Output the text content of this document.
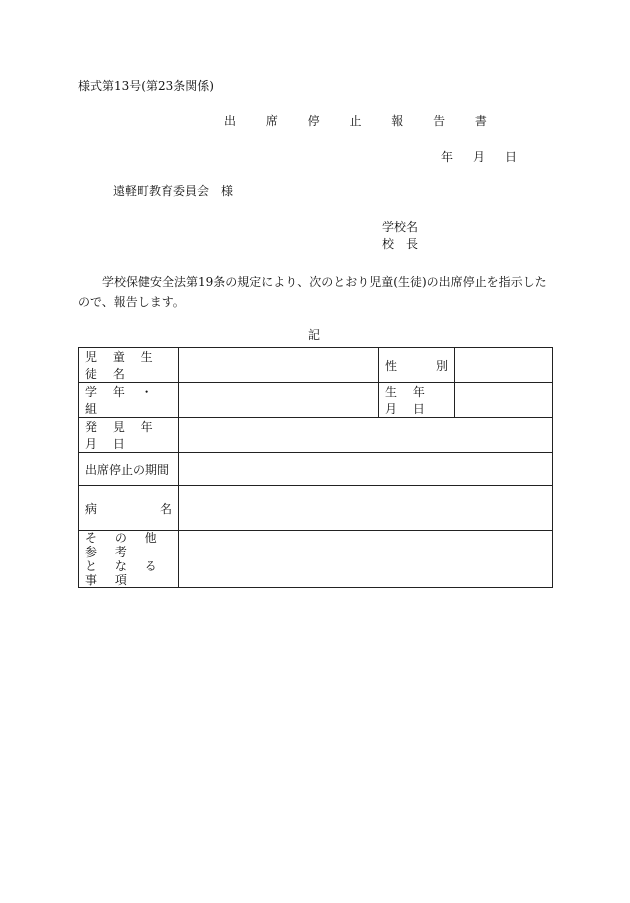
様式第13号(第23条関係)
出 席 停 止 報 告 書
年 月 日
遠軽町教育委員会　様
学校名
校　長
学校保健安全法第19条の規定により、次のとおり児童(生徒)の出席停止を指示したので、報告します。
記
児 童 生 徒 名		性 別	

学 年 ・ 組		生 年 月 日	
発 見 年 月 日			
出席停止の期間			

病 名			

そ の 他 参 考
と な る 事 項			
